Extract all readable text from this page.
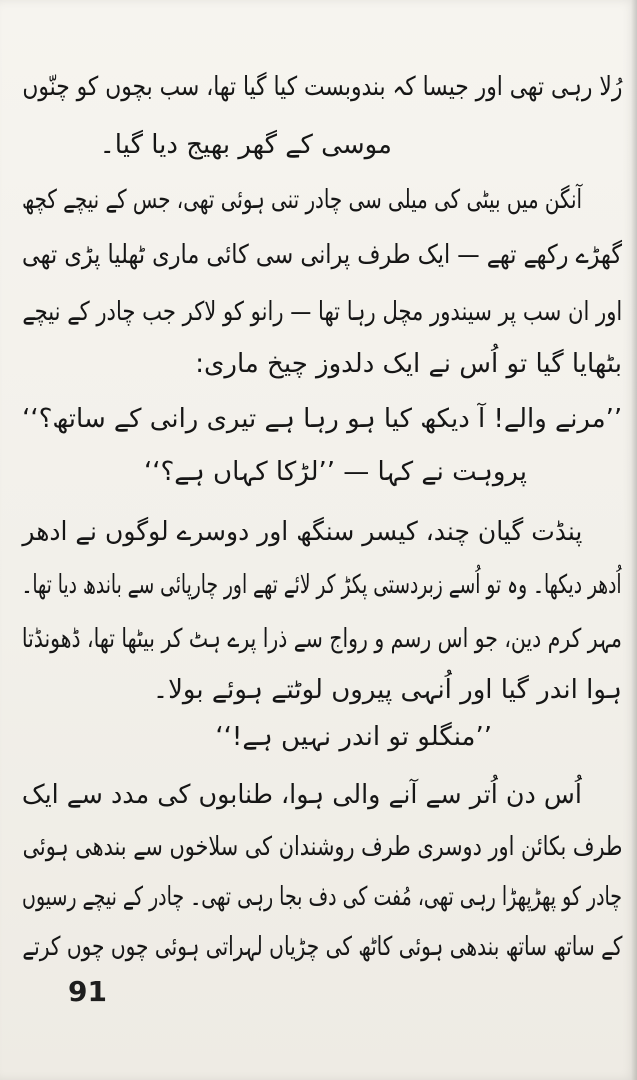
رُلا رہی تھی اور جیسا کہ بندوبست کیا گیا تھا، سب بچوں کو چنّوں
موسی کے گھر بھیج دیا گیا۔
آنگن میں بیٹی کی میلی سی چادر تنی ہوئی تھی، جس کے نیچے کچھ
گھڑے رکھے تھے — ایک طرف پرانی سی کائی ماری ٹھلیا پڑی تھی
اور ان سب پر سیندور مچل رہا تھا — رانو کو لاکر جب چادر کے نیچے
بٹھایا گیا تو اُس نے ایک دلدوز چیخ ماری:
’’مرنے والے! آ دیکھ کیا ہو رہا ہے تیری رانی کے ساتھ؟‘‘
پروہت نے کہا — ’’لڑکا کہاں ہے؟‘‘
پنڈت گیان چند، کیسر سنگھ اور دوسرے لوگوں نے ادھر
اُدھر دیکھا۔ وہ تو اُسے زبردستی پکڑ کر لائے تھے اور چارپائی سے باندھ دیا تھا۔
مہر کرم دین، جو اس رسم و رواج سے ذرا پرے ہٹ کر بیٹھا تھا، ڈھونڈتا
ہوا اندر گیا اور اُنہی پیروں لوٹتے ہوئے بولا۔
’’منگلو تو اندر نہیں ہے!‘‘
اُس دن اُتر سے آنے والی ہوا، طنابوں کی مدد سے ایک
طرف بکائن اور دوسری طرف روشندان کی سلاخوں سے بندھی ہوئی
چادر کو پھڑپھڑا رہی تھی، مُفت کی دف بجا رہی تھی۔ چادر کے نیچے رسیوں
کے ساتھ ساتھ بندھی ہوئی کاٹھ کی چڑیاں لہراتی ہوئی چوں چوں کرتے
91
